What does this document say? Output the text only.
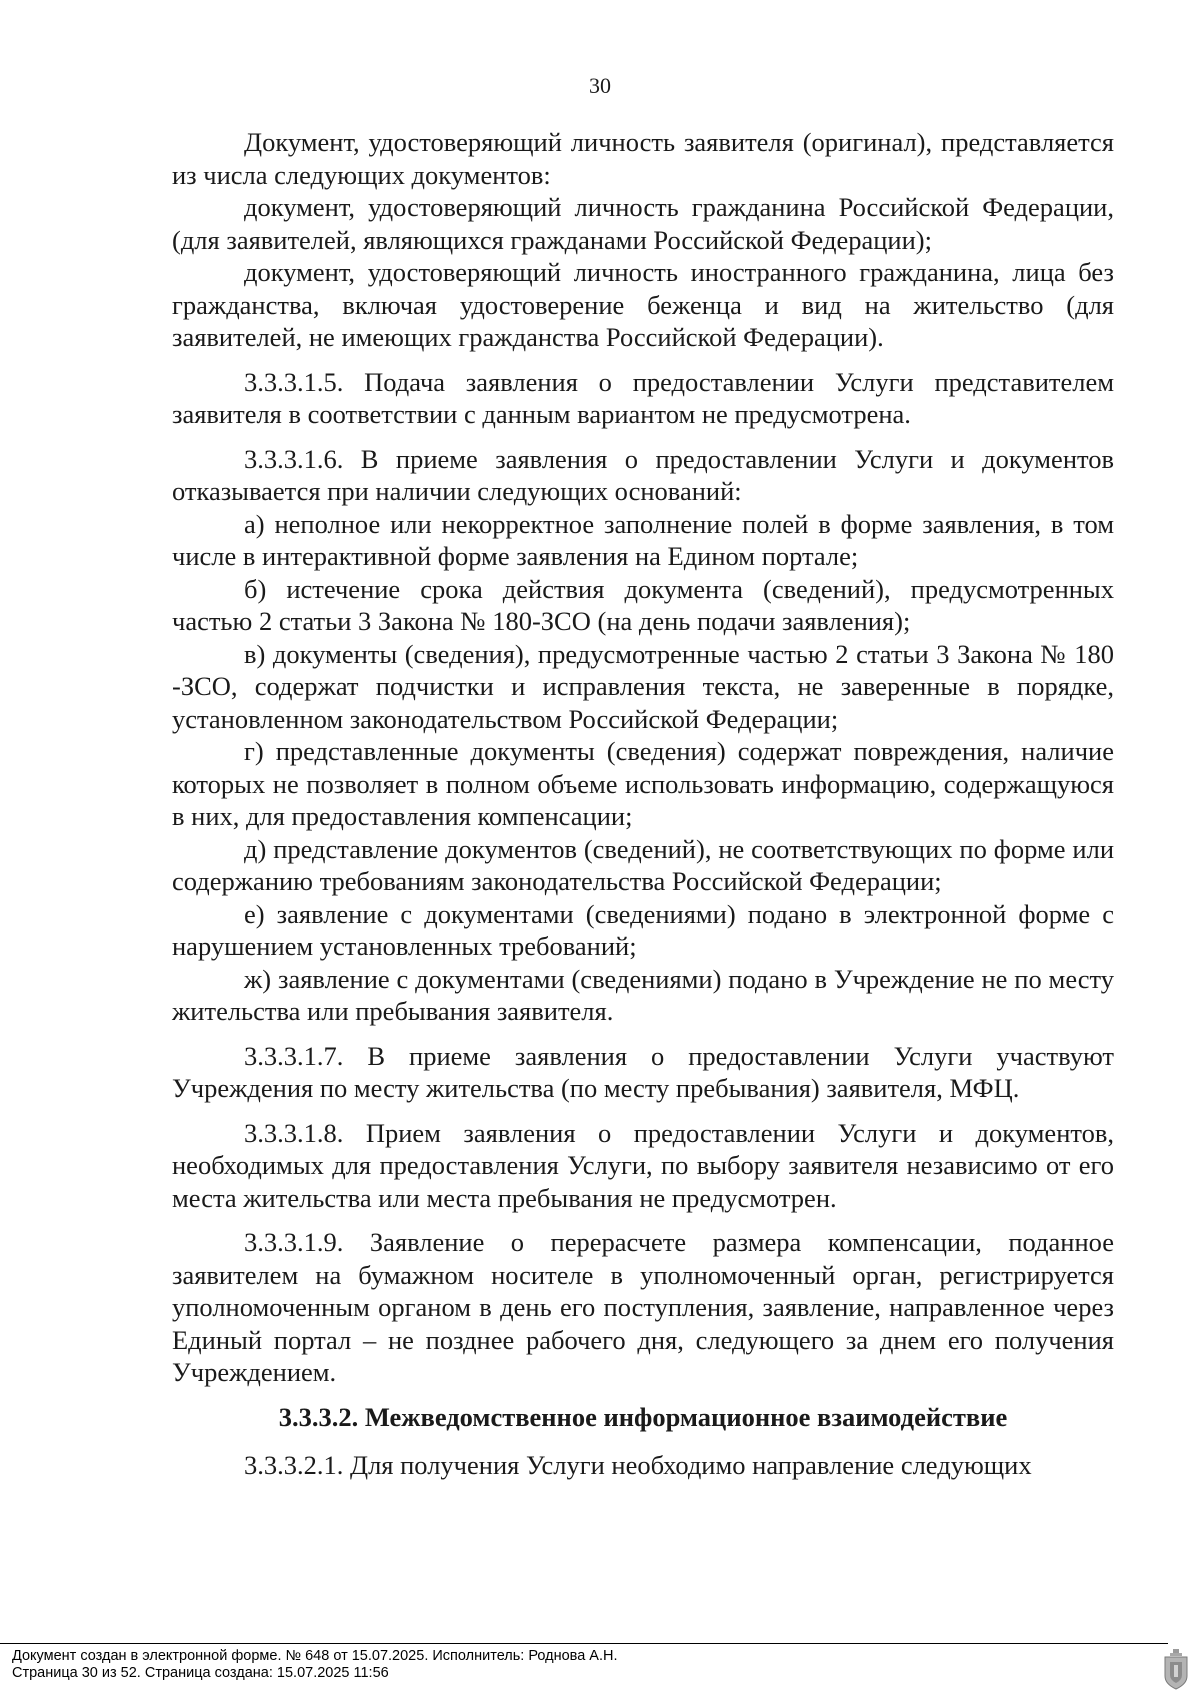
30

Документ, удостоверяющий личность заявителя (оригинал), представляется из числа следующих документов:

документ, удостоверяющий личность гражданина Российской Федерации, (для заявителей, являющихся гражданами Российской Федерации);

документ, удостоверяющий личность иностранного гражданина, лица без гражданства, включая удостоверение беженца и вид на жительство (для заявителей, не имеющих гражданства Российской Федерации).

3.3.3.1.5. Подача заявления о предоставлении Услуги представителем заявителя в соответствии с данным вариантом не предусмотрена.

3.3.3.1.6. В приеме заявления о предоставлении Услуги и документов отказывается при наличии следующих оснований:

а) неполное или некорректное заполнение полей в форме заявления, в том числе в интерактивной форме заявления на Едином портале;

б) истечение срока действия документа (сведений), предусмотренных частью 2 статьи 3 Закона № 180-ЗСО (на день подачи заявления);

в) документы (сведения), предусмотренные частью 2 статьи 3 Закона № 180 -ЗСО, содержат подчистки и исправления текста, не заверенные в порядке, установленном законодательством Российской Федерации;

г) представленные документы (сведения) содержат повреждения, наличие которых не позволяет в полном объеме использовать информацию, содержащуюся в них, для предоставления компенсации;

д) представление документов (сведений), не соответствующих по форме или содержанию требованиям законодательства Российской Федерации;

е) заявление с документами (сведениями) подано в электронной форме с нарушением установленных требований;

ж) заявление с документами (сведениями) подано в Учреждение не по месту жительства или пребывания заявителя.

3.3.3.1.7. В приеме заявления о предоставлении Услуги участвуют Учреждения по месту жительства (по месту пребывания) заявителя, МФЦ.

3.3.3.1.8. Прием заявления о предоставлении Услуги и документов, необходимых для предоставления Услуги, по выбору заявителя независимо от его места жительства или места пребывания не предусмотрен.

3.3.3.1.9. Заявление о перерасчете размера компенсации, поданное заявителем на бумажном носителе в уполномоченный орган, регистрируется уполномоченным органом в день его поступления, заявление, направленное через Единый портал – не позднее рабочего дня, следующего за днем его получения Учреждением.

3.3.3.2. Межведомственное информационное взаимодействие

3.3.3.2.1. Для получения Услуги необходимо направление следующих

Документ создан в электронной форме. № 648 от 15.07.2025. Исполнитель: Роднова А.Н.
Страница 30 из 52. Страница создана: 15.07.2025 11:56
